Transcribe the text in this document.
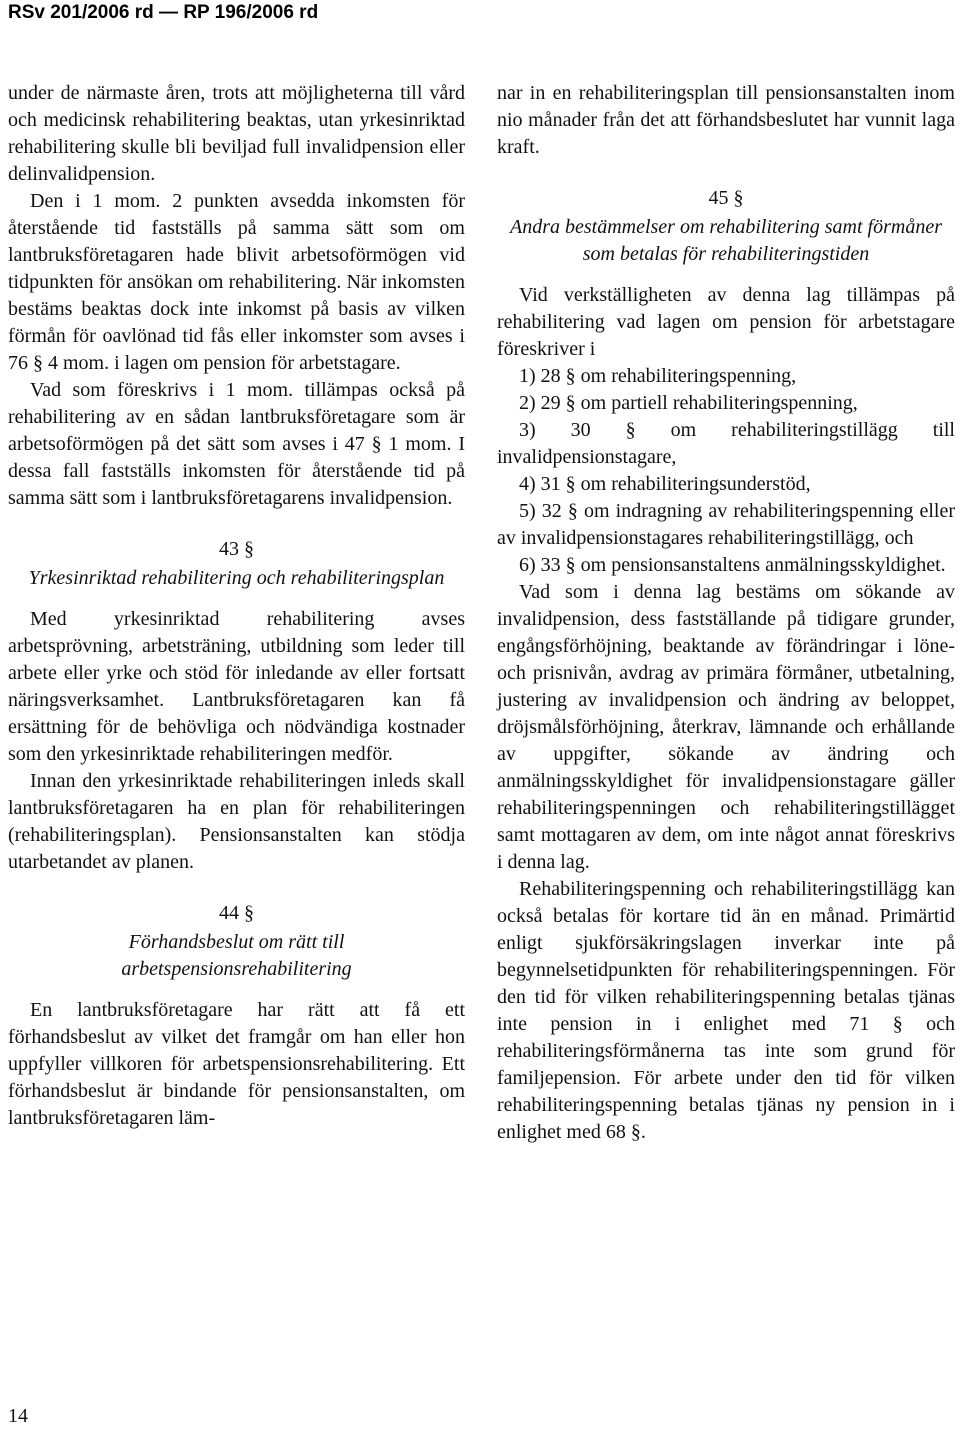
RSv 201/2006 rd — RP 196/2006 rd

under de närmaste åren, trots att möjligheterna till vård och medicinsk rehabilitering beaktas, utan yrkesinriktad rehabilitering skulle bli beviljad full invalidpension eller delinvalidpension.

Den i 1 mom. 2 punkten avsedda inkomsten för återstående tid fastställs på samma sätt som om lantbruksföretagaren hade blivit arbetsoförmögen vid tidpunkten för ansökan om rehabilitering. När inkomsten bestäms beaktas dock inte inkomst på basis av vilken förmån för oavlönad tid fås eller inkomster som avses i 76 § 4 mom. i lagen om pension för arbetstagare.

Vad som föreskrivs i 1 mom. tillämpas också på rehabilitering av en sådan lantbruksföretagare som är arbetsoförmögen på det sätt som avses i 47 § 1 mom. I dessa fall fastställs inkomsten för återstående tid på samma sätt som i lantbruksföretagarens invalidpension.

43 §
Yrkesinriktad rehabilitering och rehabiliteringsplan

Med yrkesinriktad rehabilitering avses arbetsprövning, arbetsträning, utbildning som leder till arbete eller yrke och stöd för inledande av eller fortsatt näringsverksamhet. Lantbruksföretagaren kan få ersättning för de behövliga och nödvändiga kostnader som den yrkesinriktade rehabiliteringen medför.

Innan den yrkesinriktade rehabiliteringen inleds skall lantbruksföretagaren ha en plan för rehabiliteringen (rehabiliteringsplan). Pensionsanstalten kan stödja utarbetandet av planen.

44 §
Förhandsbeslut om rätt till arbetspensionsrehabilitering

En lantbruksföretagare har rätt att få ett förhandsbeslut av vilket det framgår om han eller hon uppfyller villkoren för arbetspensionsrehabilitering. Ett förhandsbeslut är bindande för pensionsanstalten, om lantbruksföretagaren läm-

nar in en rehabiliteringsplan till pensionsanstalten inom nio månader från det att förhandsbeslutet har vunnit laga kraft.

45 §
Andra bestämmelser om rehabilitering samt förmåner som betalas för rehabiliteringstiden

Vid verkställigheten av denna lag tillämpas på rehabilitering vad lagen om pension för arbetstagare föreskriver i

1) 28 § om rehabiliteringspenning,

2) 29 § om partiell rehabiliteringspenning,

3) 30 § om rehabiliteringstillägg till invalidpensionstagare,

4) 31 § om rehabiliteringsunderstöd,

5) 32 § om indragning av rehabiliteringspenning eller av invalidpensionstagares rehabiliteringstillägg, och

6) 33 § om pensionsanstaltens anmälningsskyldighet.

Vad som i denna lag bestäms om sökande av invalidpension, dess fastställande på tidigare grunder, engångsförhöjning, beaktande av förändringar i löne- och prisnivån, avdrag av primära förmåner, utbetalning, justering av invalidpension och ändring av beloppet, dröjsmålsförhöjning, återkrav, lämnande och erhållande av uppgifter, sökande av ändring och anmälningsskyldighet för invalidpensionstagare gäller rehabiliteringspenningen och rehabiliteringstillägget samt mottagaren av dem, om inte något annat föreskrivs i denna lag.

Rehabiliteringspenning och rehabiliteringstillägg kan också betalas för kortare tid än en månad. Primärtid enligt sjukförsäkringslagen inverkar inte på begynnelsetidpunkten för rehabiliteringspenningen. För den tid för vilken rehabiliteringspenning betalas tjänas inte pension in i enlighet med 71 § och rehabiliteringsförmånerna tas inte som grund för familjepension. För arbete under den tid för vilken rehabiliteringspenning betalas tjänas ny pension in i enlighet med 68 §.

14
